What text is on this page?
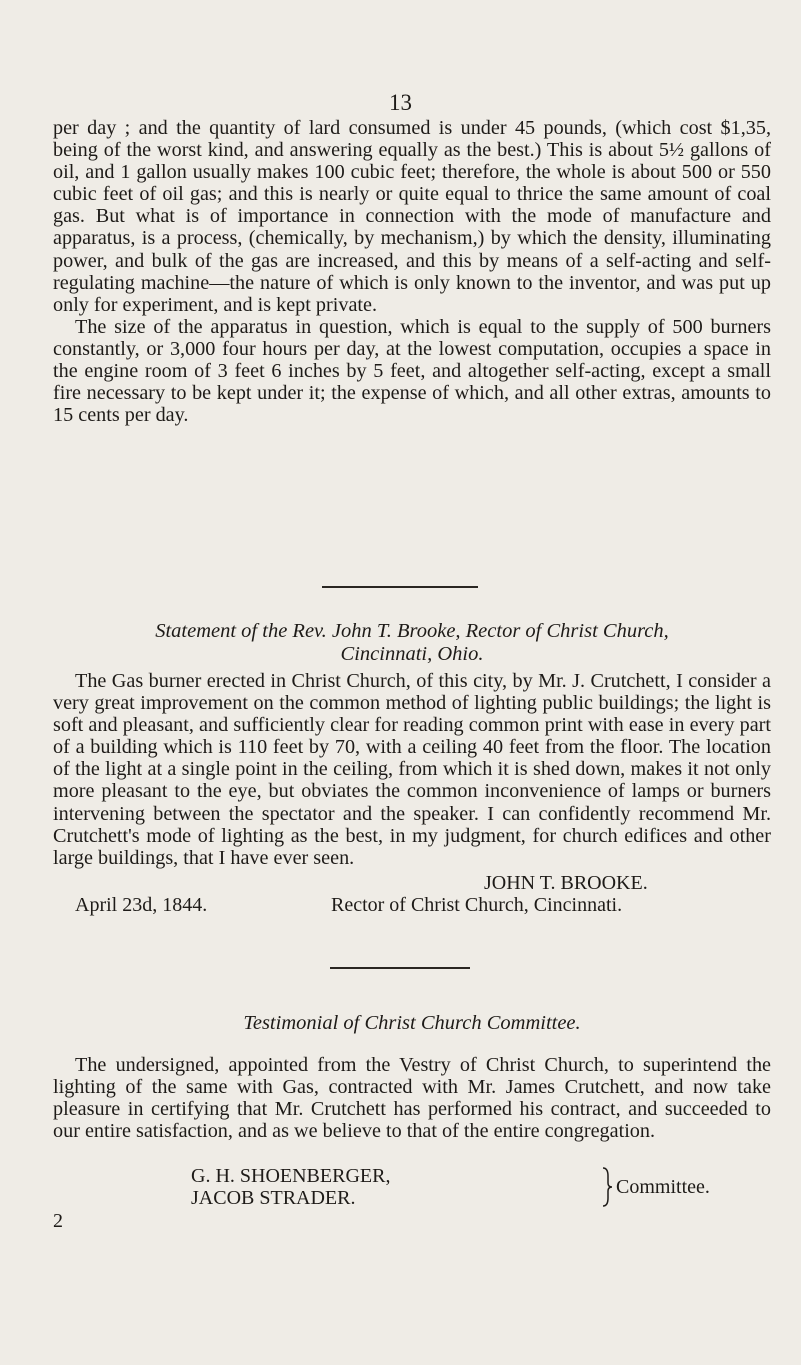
13

per day ; and the quantity of lard consumed is under 45 pounds, (which cost $1,35, being of the worst kind, and answering equally as the best.) This is about 5½ gallons of oil, and 1 gallon usually makes 100 cubic feet; therefore, the whole is about 500 or 550 cubic feet of oil gas; and this is nearly or quite equal to thrice the same amount of coal gas. But what is of importance in connection with the mode of manufacture and apparatus, is a process, (chemically, by mechanism,) by which the density, illuminating power, and bulk of the gas are increased, and this by means of a self-acting and self-regulating machine—the nature of which is only known to the inventor, and was put up only for experiment, and is kept private.

The size of the apparatus in question, which is equal to the supply of 500 burners constantly, or 3,000 four hours per day, at the lowest computation, occupies a space in the engine room of 3 feet 6 inches by 5 feet, and altogether self-acting, except a small fire necessary to be kept under it; the expense of which, and all other extras, amounts to 15 cents per day.

Statement of the Rev. John T. Brooke, Rector of Christ Church,
Cincinnati, Ohio.

The Gas burner erected in Christ Church, of this city, by Mr. J. Crutchett, I consider a very great improvement on the common method of lighting public buildings; the light is soft and pleasant, and sufficiently clear for reading common print with ease in every part of a building which is 110 feet by 70, with a ceiling 40 feet from the floor. The location of the light at a single point in the ceiling, from which it is shed down, makes it not only more pleasant to the eye, but obviates the common inconvenience of lamps or burners intervening between the spectator and the speaker. I can confidently recommend Mr. Crutchett's mode of lighting as the best, in my judgment, for church edifices and other large buildings, that I have ever seen.

JOHN T. BROOKE.
April 23d, 1844.	Rector of Christ Church, Cincinnati.
Testimonial of Christ Church Committee.

The undersigned, appointed from the Vestry of Christ Church, to superintend the lighting of the same with Gas, contracted with Mr. James Crutchett, and now take pleasure in certifying that Mr. Crutchett has performed his contract, and succeeded to our entire satisfaction, and as we believe to that of the entire congregation.

G. H. SHOENBERGER,
JACOB STRADER.	Committee.
2
